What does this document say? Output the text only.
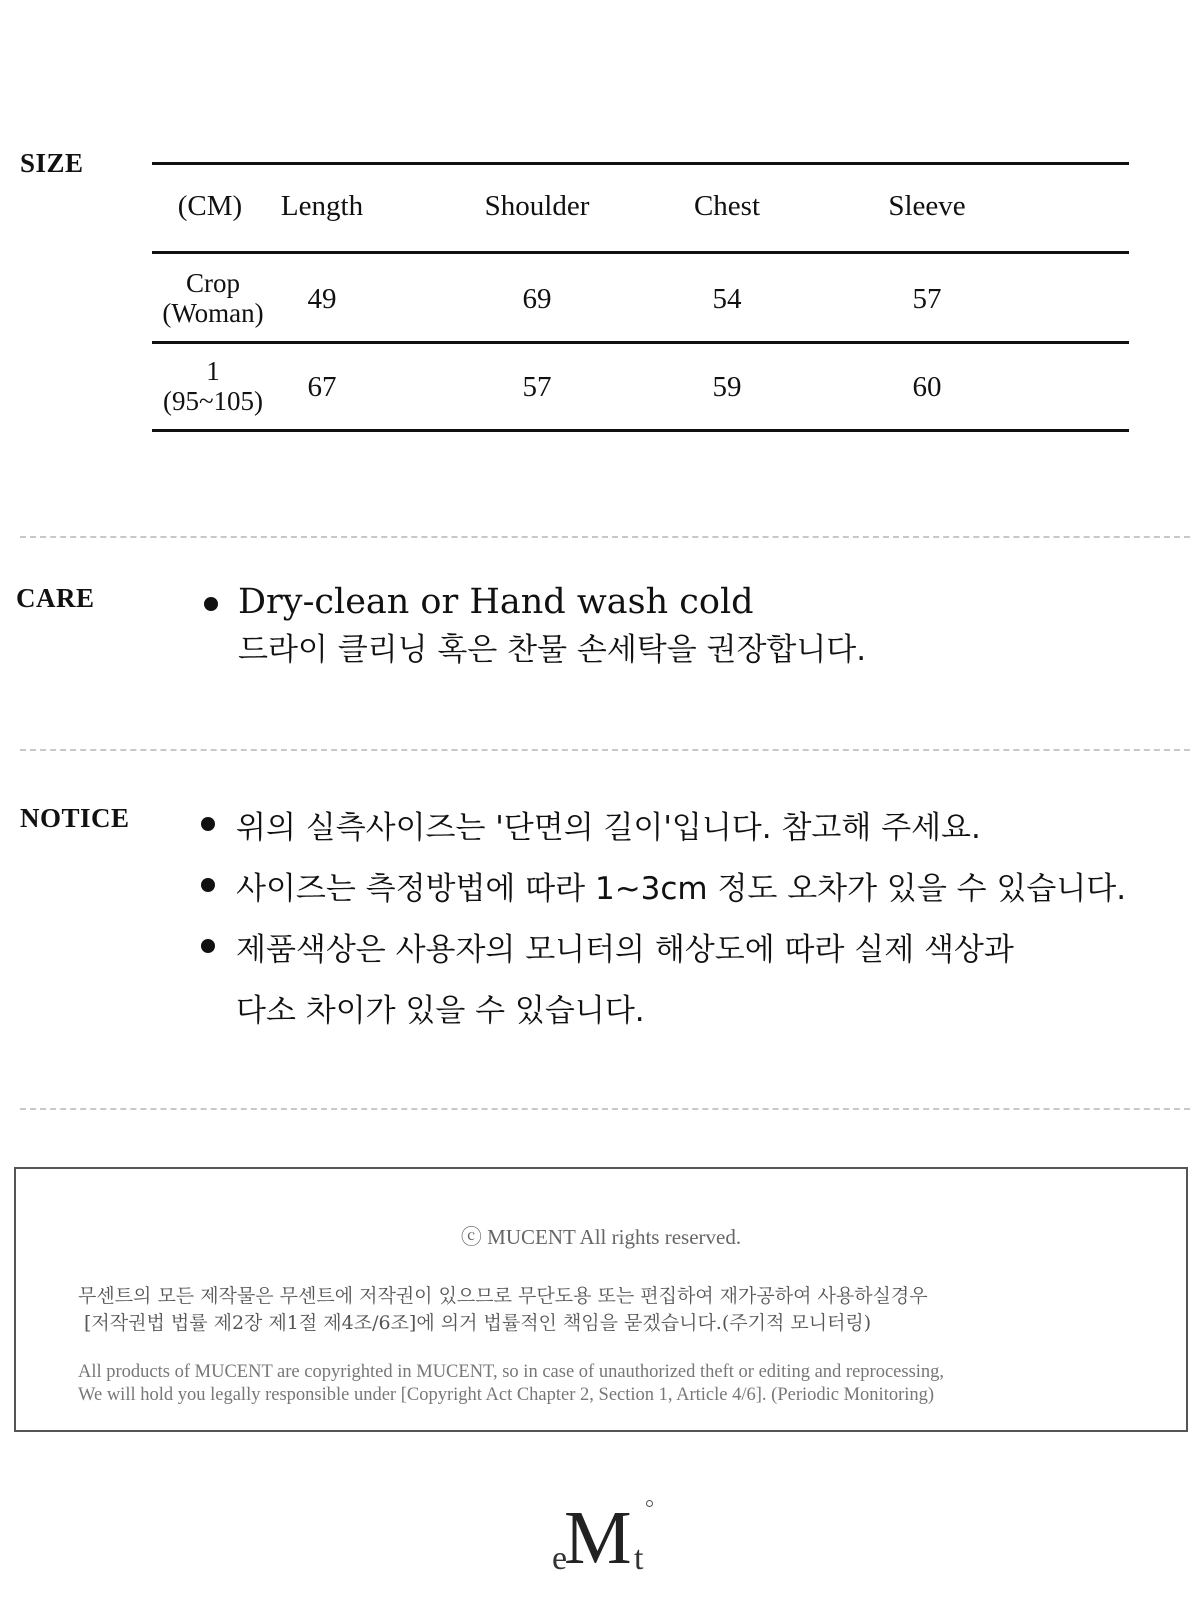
SIZE
(CM)	Length	Shoulder	Chest	Sleeve
Crop
(Woman)	49	69	54	57
1
(95~105)	67	57	59	60
CARE	Dry-clean or Hand wash cold
드라이 클리닝 혹은 찬물 손세탁을 권장합니다.
NOTICE	위의 실측사이즈는 '단면의 길이'입니다. 참고해 주세요.
사이즈는 측정방법에 따라 1~3cm 정도 오차가 있을 수 있습니다.
제품색상은 사용자의 모니터의 해상도에 따라 실제 색상과
다소 차이가 있을 수 있습니다.
ⓒ MUCENT All rights reserved.
무센트의 모든 제작물은 무센트에 저작권이 있으므로 무단도용 또는 편집하여 재가공하여 사용하실경우
[저작권법 법률 제2장 제1절 제4조/6조]에 의거 법률적인 책임을 묻겠습니다.(주기적 모니터링)
All products of MUCENT are copyrighted in MUCENT, so in case of unauthorized theft or editing and reprocessing,
We will hold you legally responsible under [Copyright Act Chapter 2, Section 1, Article 4/6]. (Periodic Monitoring)
e
M t
